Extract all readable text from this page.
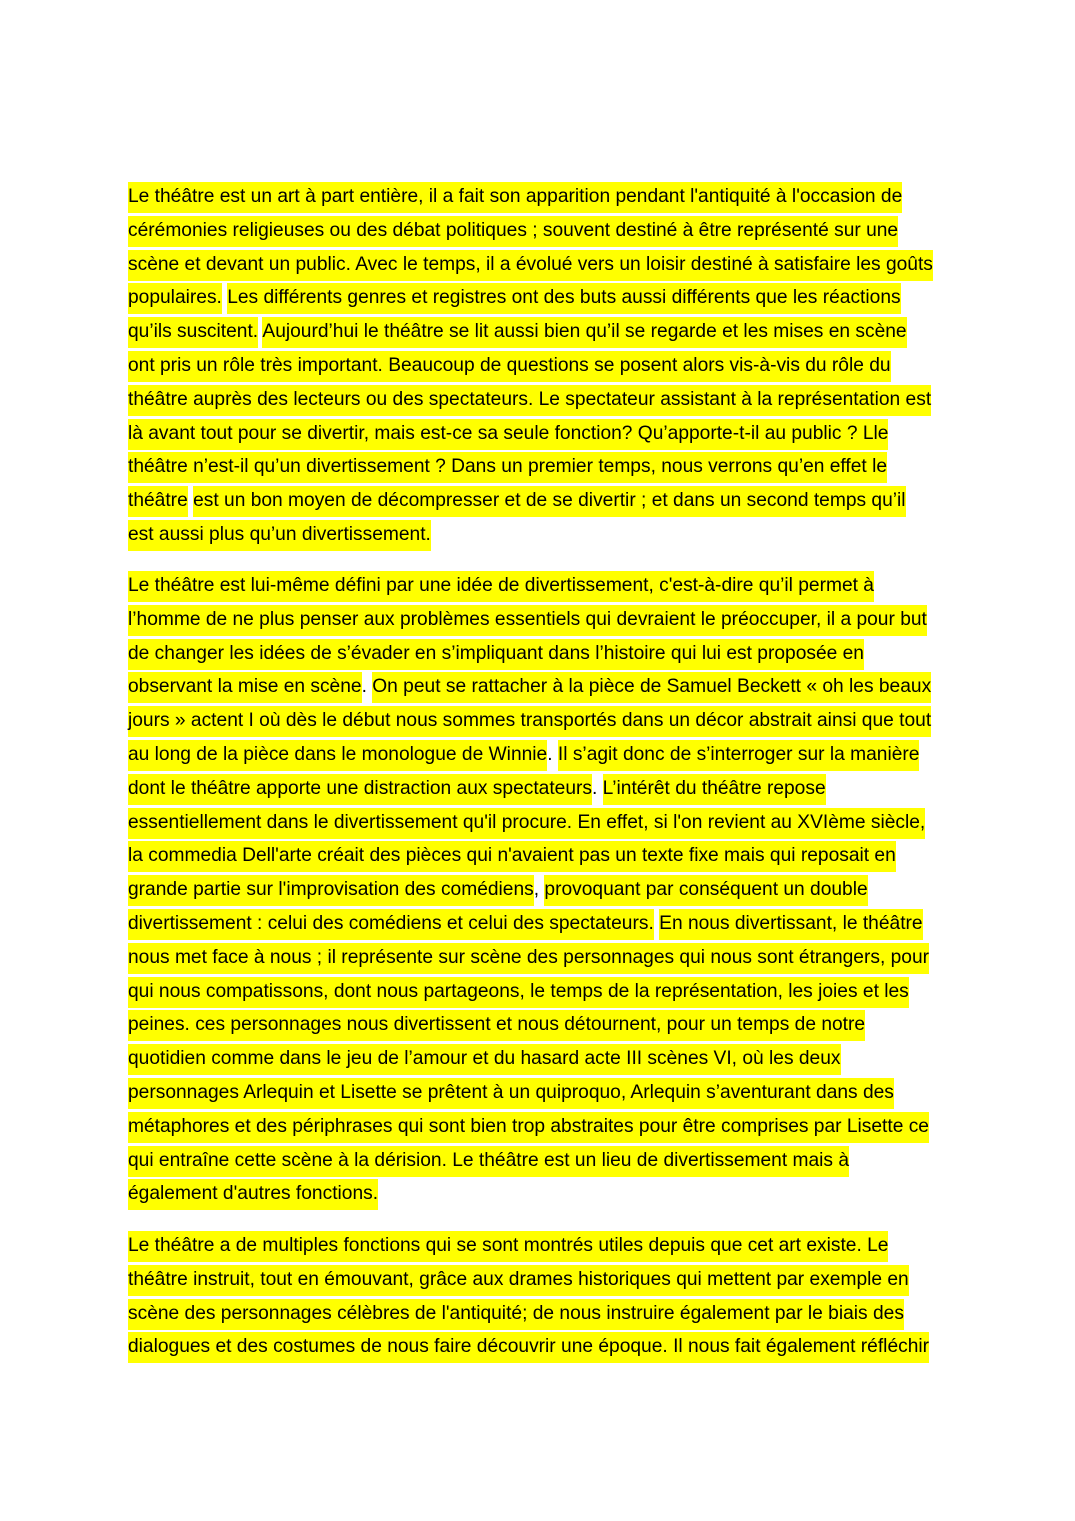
Le théâtre est un art à part entière, il a fait son apparition pendant l'antiquité à l'occasion de
cérémonies religieuses ou des débat politiques ; souvent destiné à être représenté sur une
scène et devant un public. Avec le temps, il a évolué vers un loisir destiné à satisfaire les goûts
populaires. Les différents genres et registres ont des buts aussi différents que les réactions
qu’ils suscitent. Aujourd’hui le théâtre se lit aussi bien qu’il se regarde et les mises en scène
ont pris un rôle très important. Beaucoup de questions se posent alors vis-à-vis du rôle du
théâtre auprès des lecteurs ou des spectateurs. Le spectateur assistant à la représentation est
là avant tout pour se divertir, mais est-ce sa seule fonction? Qu’apporte-t-il au public ? Lle
théâtre n’est-il qu’un divertissement ? Dans un premier temps, nous verrons qu’en effet le
théâtre est un bon moyen de décompresser et de se divertir ; et dans un second temps qu’il
est aussi plus qu’un divertissement.
Le théâtre est lui-même défini par une idée de divertissement, c'est-à-dire qu’il permet à
l’homme de ne plus penser aux problèmes essentiels qui devraient le préoccuper, il a pour but
de changer les idées de s’évader en s’impliquant dans l’histoire qui lui est proposée en
observant la mise en scène. On peut se rattacher à la pièce de Samuel Beckett « oh les beaux
jours » actent I où dès le début nous sommes transportés dans un décor abstrait ainsi que tout
au long de la pièce dans le monologue de Winnie. Il s’agit donc de s’interroger sur la manière
dont le théâtre apporte une distraction aux spectateurs. L’intérêt du théâtre repose
essentiellement dans le divertissement qu'il procure. En effet, si l'on revient au XVIème siècle,
la commedia Dell'arte créait des pièces qui n'avaient pas un texte fixe mais qui reposait en
grande partie sur l'improvisation des comédiens, provoquant par conséquent un double
divertissement : celui des comédiens et celui des spectateurs. En nous divertissant, le théâtre
nous met face à nous ; il représente sur scène des personnages qui nous sont étrangers, pour
qui nous compatissons, dont nous partageons, le temps de la représentation, les joies et les
peines. ces personnages nous divertissent et nous détournent, pour un temps de notre
quotidien comme dans le jeu de l’amour et du hasard acte III scènes VI, où les deux
personnages Arlequin et Lisette se prêtent à un quiproquo, Arlequin s’aventurant dans des
métaphores et des périphrases qui sont bien trop abstraites pour être comprises par Lisette ce
qui entraîne cette scène à la dérision. Le théâtre est un lieu de divertissement mais à
également d'autres fonctions.
Le théâtre a de multiples fonctions qui se sont montrés utiles depuis que cet art existe. Le
théâtre instruit, tout en émouvant, grâce aux drames historiques qui mettent par exemple en
scène des personnages célèbres de l'antiquité; de nous instruire également par le biais des
dialogues et des costumes de nous faire découvrir une époque. Il nous fait également réfléchir
